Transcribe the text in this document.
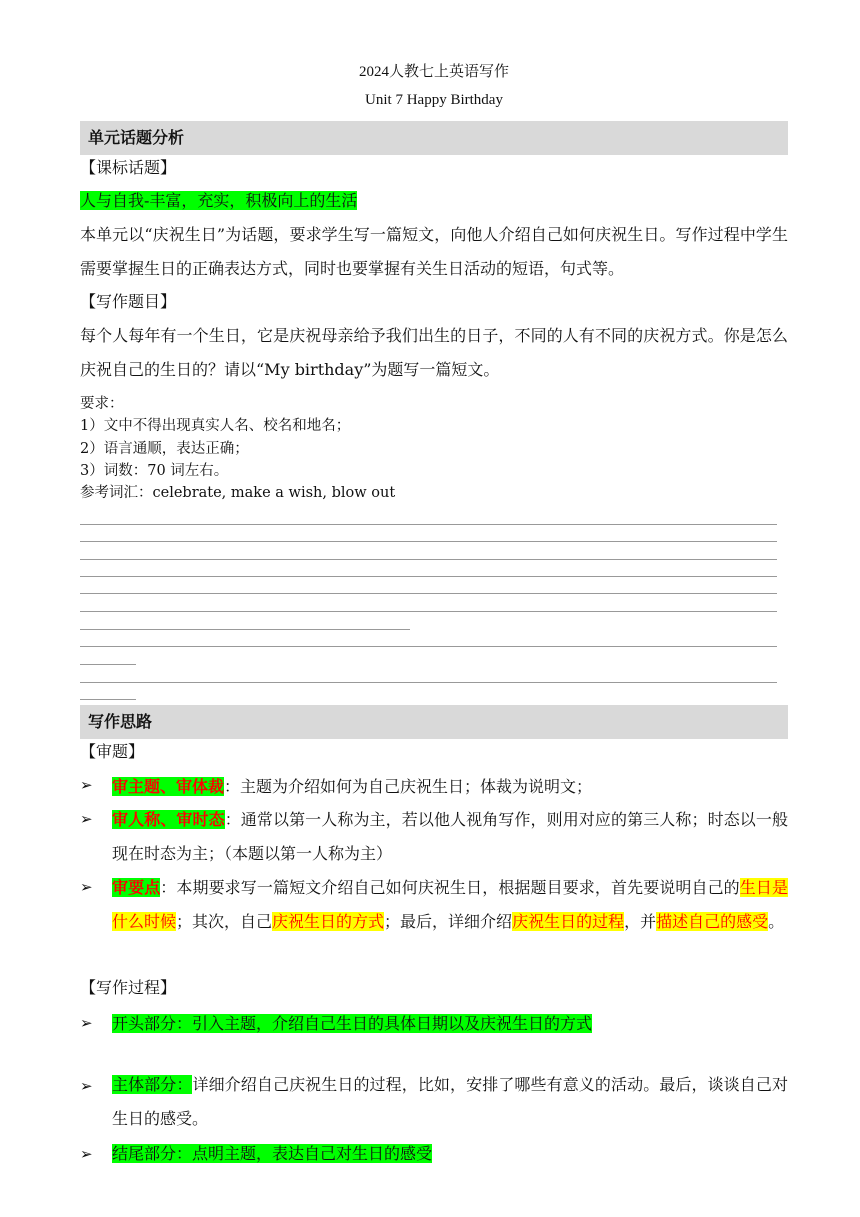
2024人教七上英语写作
Unit 7 Happy Birthday
单元话题分析
【课标话题】
人与自我-丰富，充实，积极向上的生活
本单元以“庆祝生日”为话题，要求学生写一篇短文，向他人介绍自己如何庆祝生日。写作过程中学生需要掌握生日的正确表达方式，同时也要掌握有关生日活动的短语，句式等。
【写作题目】
每个人每年有一个生日，它是庆祝母亲给予我们出生的日子，不同的人有不同的庆祝方式。你是怎么庆祝自己的生日的？请以“My birthday”为题写一篇短文。
要求：
1）文中不得出现真实人名、校名和地名；
2）语言通顺，表达正确；
3）词数：70 词左右。
参考词汇：celebrate, make a wish, blow out
写作思路
【审题】
➢	审主题、审体裁：主题为介绍如何为自己庆祝生日；体裁为说明文；
➢	审人称、审时态：通常以第一人称为主，若以他人视角写作，则用对应的第三人称；时态以一般现在时态为主；（本题以第一人称为主）
➢	审要点：本期要求写一篇短文介绍自己如何庆祝生日，根据题目要求，首先要说明自己的生日是什么时候；其次，自己庆祝生日的方式；最后，详细介绍庆祝生日的过程，并描述自己的感受。
【写作过程】
➢	开头部分：引入主题，介绍自己生日的具体日期以及庆祝生日的方式
➢	主体部分：详细介绍自己庆祝生日的过程，比如，安排了哪些有意义的活动。最后，谈谈自己对生日的感受。
➢	结尾部分：点明主题，表达自己对生日的感受
